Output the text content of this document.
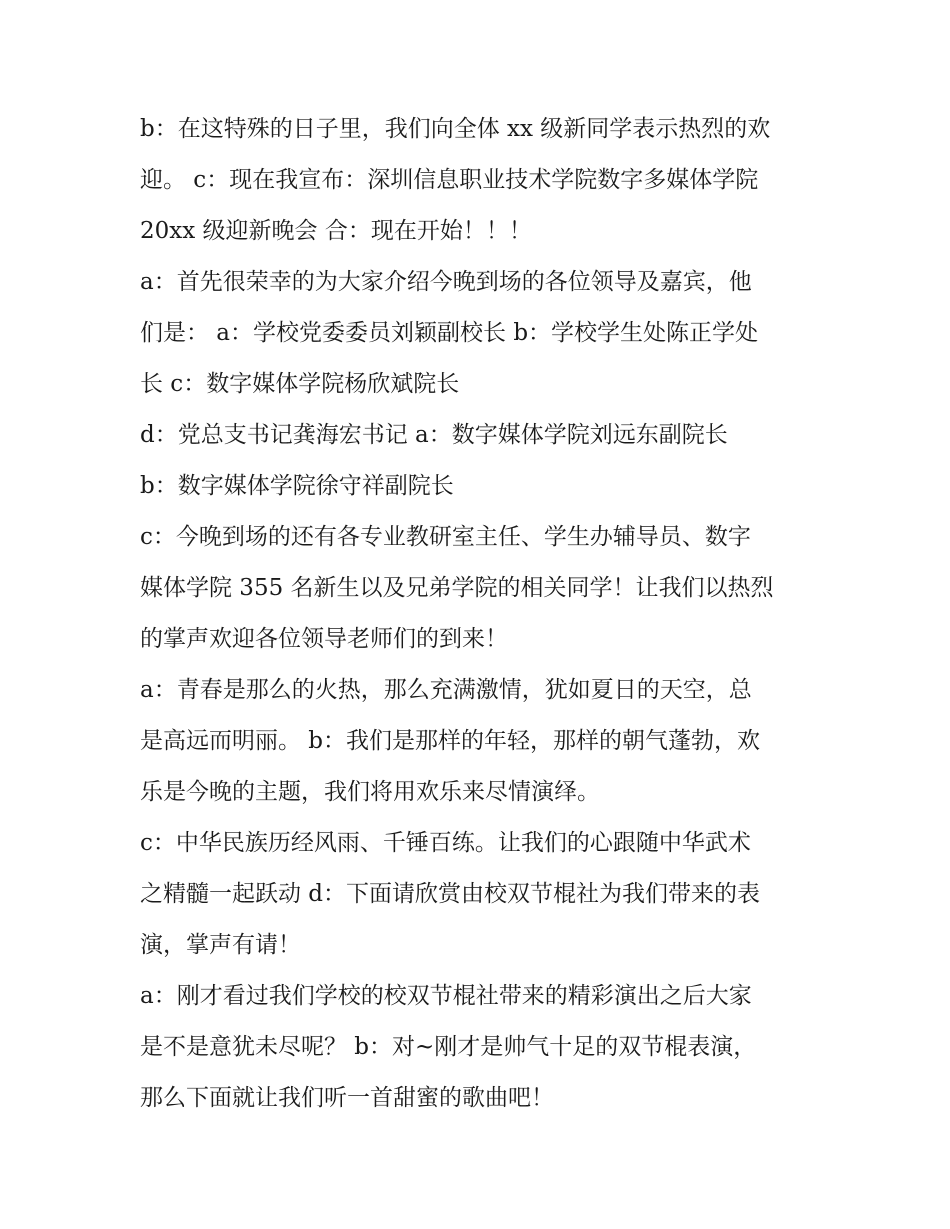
b：在这特殊的日子里，我们向全体 xx 级新同学表示热烈的欢
迎。 c：现在我宣布：深圳信息职业技术学院数字多媒体学院
20xx 级迎新晚会 合：现在开始！！！
a：首先很荣幸的为大家介绍今晚到场的各位领导及嘉宾，他
们是： a：学校党委委员刘颖副校长 b：学校学生处陈正学处
长 c：数字媒体学院杨欣斌院长
d：党总支书记龚海宏书记 a：数字媒体学院刘远东副院长
b：数字媒体学院徐守祥副院长
c：今晚到场的还有各专业教研室主任、学生办辅导员、数字
媒体学院 355 名新生以及兄弟学院的相关同学！让我们以热烈
的掌声欢迎各位领导老师们的到来！
a：青春是那么的火热，那么充满激情，犹如夏日的天空，总
是高远而明丽。 b：我们是那样的年轻，那样的朝气蓬勃，欢
乐是今晚的主题，我们将用欢乐来尽情演绎。
c：中华民族历经风雨、千锤百练。让我们的心跟随中华武术
之精髓一起跃动 d：下面请欣赏由校双节棍社为我们带来的表
演，掌声有请！
a：刚才看过我们学校的校双节棍社带来的精彩演出之后大家
是不是意犹未尽呢？ b：对~刚才是帅气十足的双节棍表演，
那么下面就让我们听一首甜蜜的歌曲吧！
